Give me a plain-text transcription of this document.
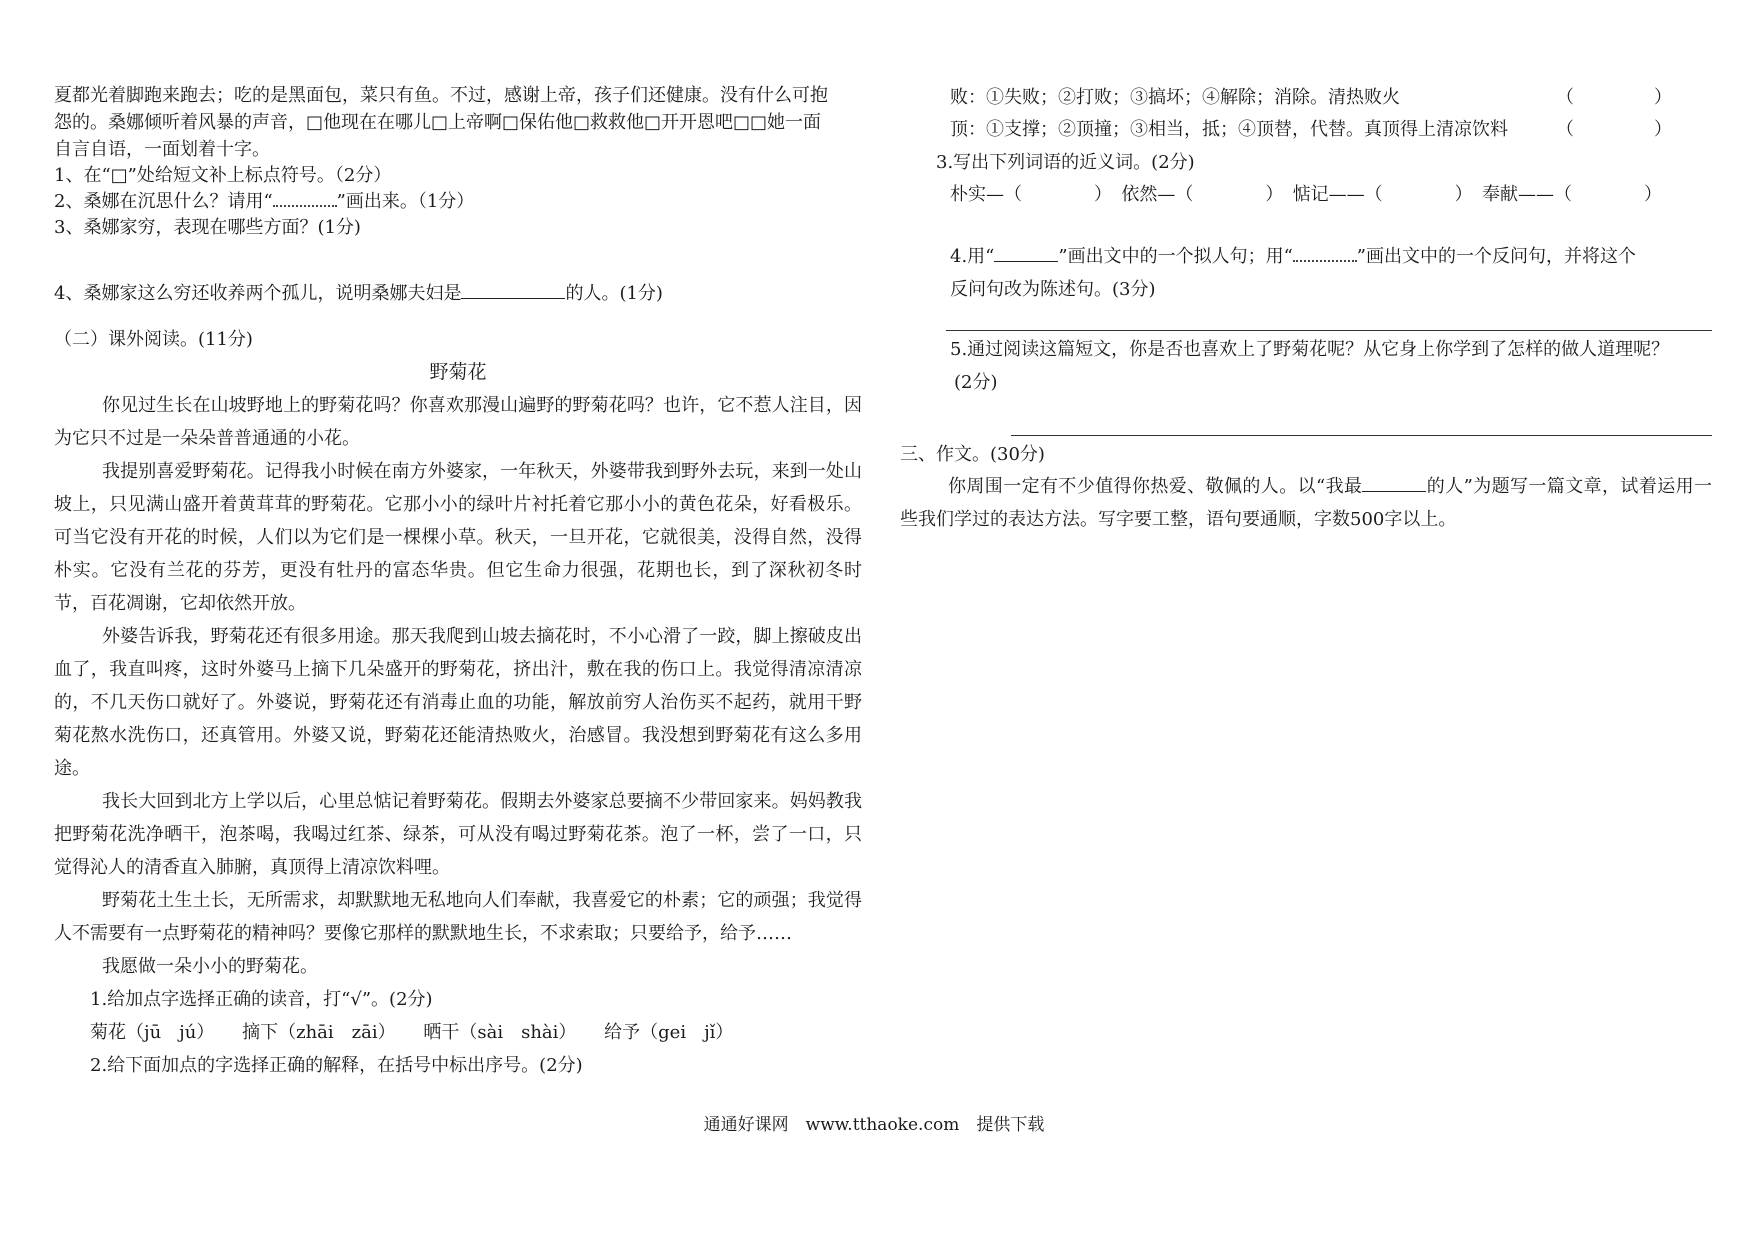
夏都光着脚跑来跑去；吃的是黑面包，菜只有鱼。不过，感谢上帝，孩子们还健康。没有什么可抱

怨的。桑娜倾听着风暴的声音，□他现在在哪儿□上帝啊□保佑他□救救他□开开恩吧□□她一面

自言自语，一面划着十字。

1、在“□”处给短文补上标点符号。（2分）

2、桑娜在沉思什么？请用“	”画出来。（1分）

3、桑娜家穷，表现在哪些方面？(1分)

4、桑娜家这么穷还收养两个孤儿，说明桑娜夫妇是	的人。(1分)

（二）课外阅读。(11分)

野菊花

你见过生长在山坡野地上的野菊花吗？你喜欢那漫山遍野的野菊花吗？也许，它不惹人注目，因为它只不过是一朵朵普普通通的小花。

我提别喜爱野菊花。记得我小时候在南方外婆家，一年秋天，外婆带我到野外去玩，来到一处山坡上，只见满山盛开着黄茸茸的野菊花。它那小小的绿叶片衬托着它那小小的黄色花朵，好看极乐。可当它没有开花的时候，人们以为它们是一棵棵小草。秋天，一旦开花，它就很美，没得自然，没得朴实。它没有兰花的芬芳，更没有牡丹的富态华贵。但它生命力很强，花期也长，到了深秋初冬时节，百花凋谢，它却依然开放。

外婆告诉我，野菊花还有很多用途。那天我爬到山坡去摘花时，不小心滑了一跤，脚上擦破皮出血了，我直叫疼，这时外婆马上摘下几朵盛开的野菊花，挤出汁，敷在我的伤口上。我觉得清凉清凉的，不几天伤口就好了。外婆说，野菊花还有消毒止血的功能，解放前穷人治伤买不起药，就用干野菊花熬水洗伤口，还真管用。外婆又说，野菊花还能清热败火，治感冒。我没想到野菊花有这么多用途。

我长大回到北方上学以后，心里总惦记着野菊花。假期去外婆家总要摘不少带回家来。妈妈教我把野菊花洗净晒干，泡茶喝，我喝过红茶、绿茶，可从没有喝过野菊花茶。泡了一杯，尝了一口，只觉得沁人的清香直入肺腑，真顶得上清凉饮料哩。

野菊花土生土长，无所需求，却默默地无私地向人们奉献，我喜爱它的朴素；它的顽强；我觉得人不需要有一点野菊花的精神吗？要像它那样的默默地生长，不求索取；只要给予，给予……

我愿做一朵小小的野菊花。

1.给加点字选择正确的读音，打“√”。(2分)

菊花（jū　jú） 摘下（zhāi　zāi） 晒干（sài　shài） 给予（gei　jǐ）

2.给下面加点的字选择正确的解释，在括号中标出序号。(2分)

败：①失败；②打败；③搞坏；④解除；消除。清热败火	（	）
顶：①支撑；②顶撞；③相当，抵；④顶替，代替。真顶得上清凉饮料	（	）

3.写出下列词语的近义词。(2分)

朴实—（　　　　） 依然—（　　　　） 惦记——（　　　　） 奉献——（　　　　）

4.用“	”画出文中的一个拟人句；用“	”画出文中的一个反问句，并将这个

反问句改为陈述句。(3分)

5.通过阅读这篇短文，你是否也喜欢上了野菊花呢？从它身上你学到了怎样的做人道理呢？

(2分)

三、作文。(30分)

你周围一定有不少值得你热爱、敬佩的人。以“我最	的人”为题写一篇文章，试着运用一些我们学过的表达方法。写字要工整，语句要通顺，字数500字以上。

通通好课网　www.tthaoke.com　提供下载
